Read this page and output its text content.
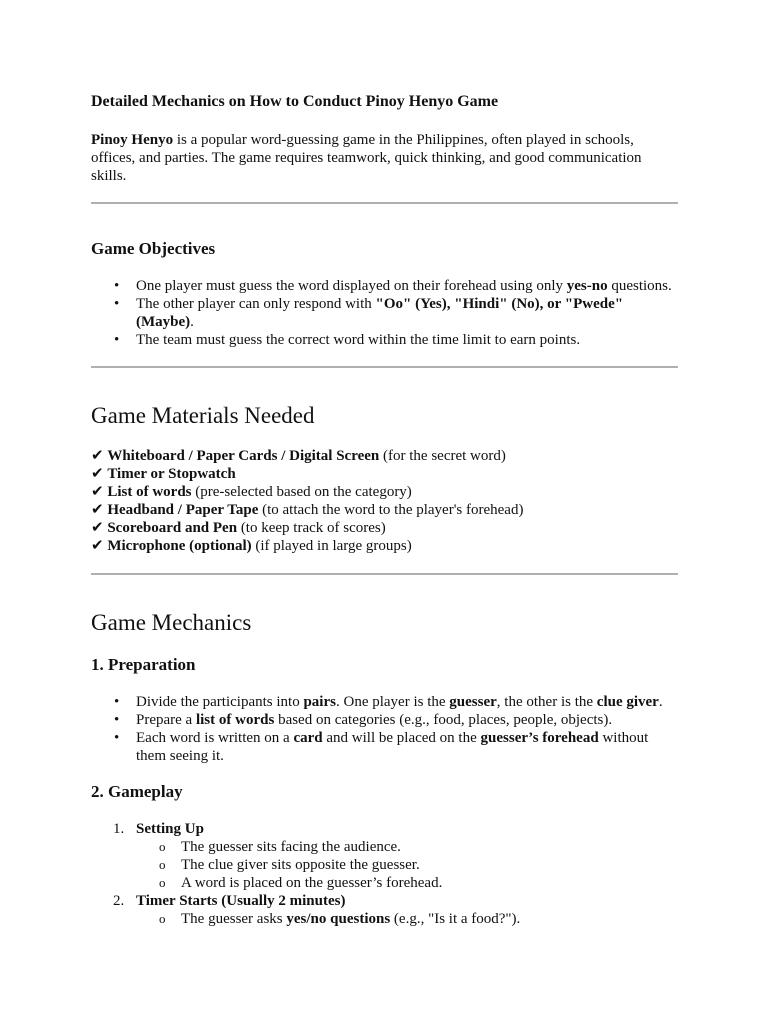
Detailed Mechanics on How to Conduct Pinoy Henyo Game

Pinoy Henyo is a popular word-guessing game in the Philippines, often played in schools, offices, and parties. The game requires teamwork, quick thinking, and good communication skills.

Game Objectives
• One player must guess the word displayed on their forehead using only yes-no questions.
• The other player can only respond with "Oo" (Yes), "Hindi" (No), or "Pwede" (Maybe).
• The team must guess the correct word within the time limit to earn points.
Game Materials Needed
✔ Whiteboard / Paper Cards / Digital Screen (for the secret word)
✔ Timer or Stopwatch
✔ List of words (pre-selected based on the category)
✔ Headband / Paper Tape (to attach the word to the player's forehead)
✔ Scoreboard and Pen (to keep track of scores)
✔ Microphone (optional) (if played in large groups)
Game Mechanics
1. Preparation
• Divide the participants into pairs. One player is the guesser, the other is the clue giver.
• Prepare a list of words based on categories (e.g., food, places, people, objects).
• Each word is written on a card and will be placed on the guesser’s forehead without them seeing it.
2. Gameplay
1. Setting Up
o The guesser sits facing the audience.
o The clue giver sits opposite the guesser.
o A word is placed on the guesser’s forehead.
2. Timer Starts (Usually 2 minutes)
o The guesser asks yes/no questions (e.g., "Is it a food?").
